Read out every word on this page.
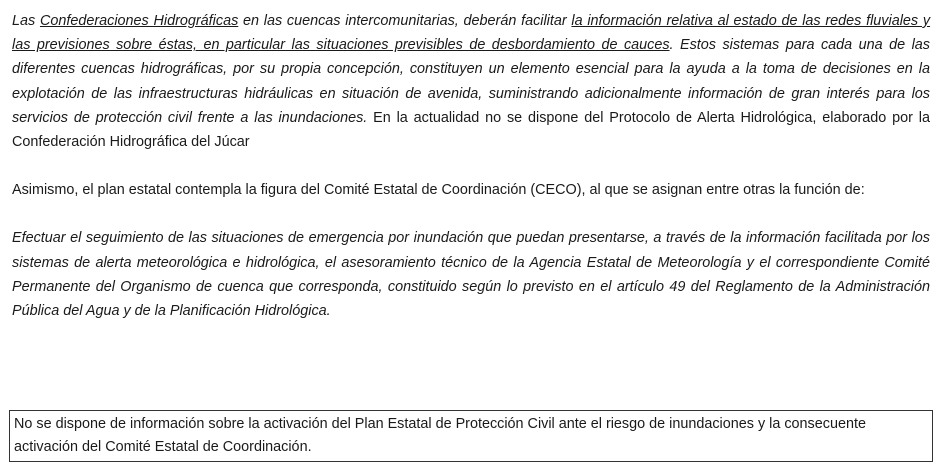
Las Confederaciones Hidrográficas en las cuencas intercomunitarias, deberán facilitar la información relativa al estado de las redes fluviales y las previsiones sobre éstas, en particular las situaciones previsibles de desbordamiento de cauces. Estos sistemas para cada una de las diferentes cuencas hidrográficas, por su propia concepción, constituyen un elemento esencial para la ayuda a la toma de decisiones en la explotación de las infraestructuras hidráulicas en situación de avenida, suministrando adicionalmente información de gran interés para los servicios de protección civil frente a las inundaciones. En la actualidad no se dispone del Protocolo de Alerta Hidrológica, elaborado por la Confederación Hidrográfica del Júcar

Asimismo, el plan estatal contempla la figura del Comité Estatal de Coordinación (CECO), al que se asignan entre otras la función de:

Efectuar el seguimiento de las situaciones de emergencia por inundación que puedan presentarse, a través de la información facilitada por los sistemas de alerta meteorológica e hidrológica, el asesoramiento técnico de la Agencia Estatal de Meteorología y el correspondiente Comité Permanente del Organismo de cuenca que corresponda, constituido según lo previsto en el artículo 49 del Reglamento de la Administración Pública del Agua y de la Planificación Hidrológica.

No se dispone de información sobre la activación del Plan Estatal de Protección Civil ante el riesgo de inundaciones y la consecuente activación del Comité Estatal de Coordinación.
